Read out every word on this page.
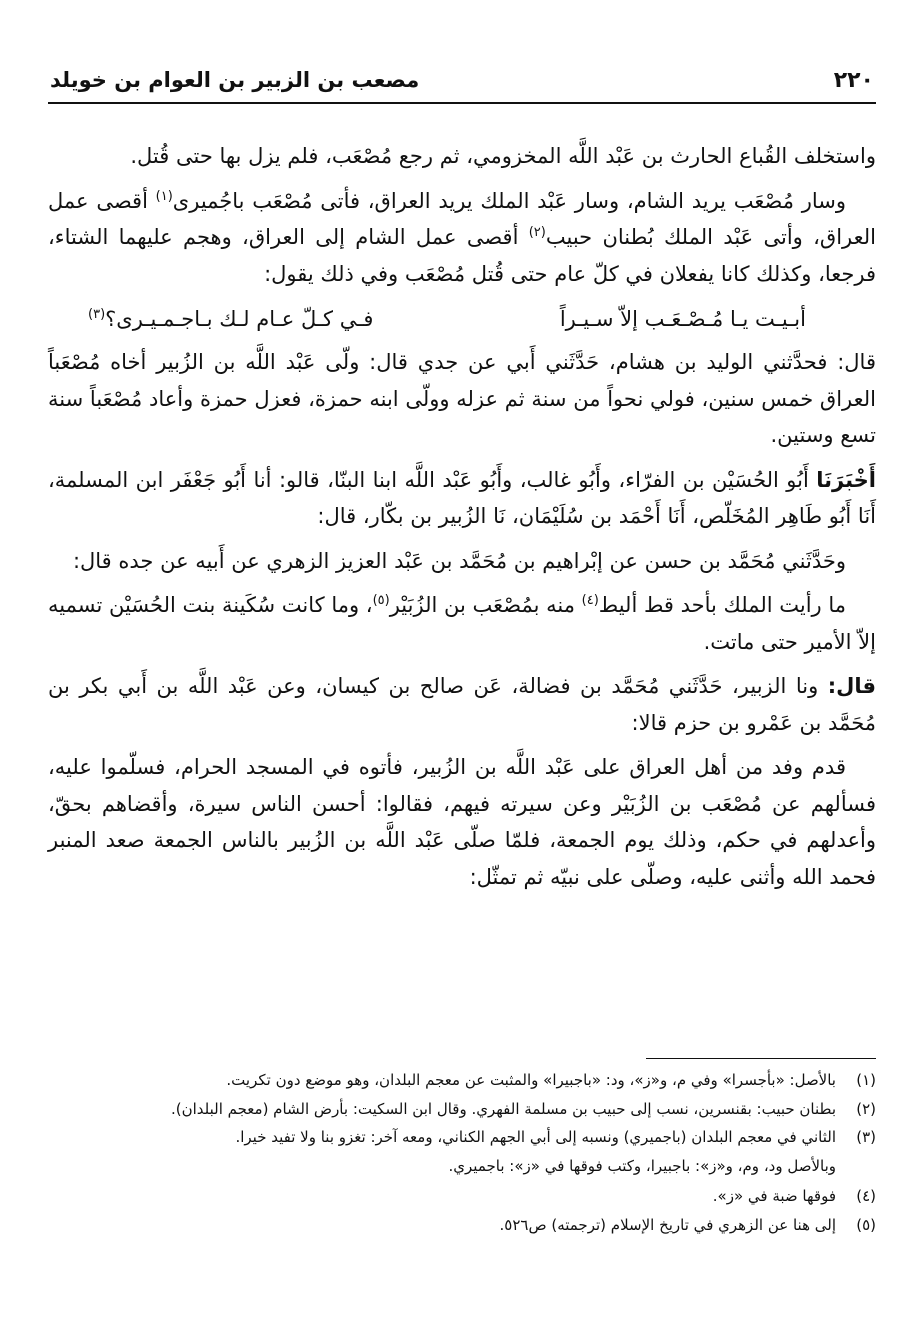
٢٢٠
مصعب بن الزبير بن العوام بن خويلد

واستخلف القُباع الحارث بن عَبْد اللَّه المخزومي، ثم رجع مُصْعَب، فلم يزل بها حتى قُتل.

وسار مُصْعَب يريد الشام، وسار عَبْد الملك يريد العراق، فأتى مُصْعَب باجُميرى$^{(١)}$ أقصى عمل العراق، وأتى عَبْد الملك بُطنان حبيب$^{(٢)}$ أقصى عمل الشام إلى العراق، وهجم عليهما الشتاء، فرجعا، وكذلك كانا يفعلان في كلّ عام حتى قُتل مُصْعَب وفي ذلك يقول:

أبـيـت يـا مُـصْـعَـب إلاّ سـيـراً
فـي كـلّ عـام لـك بـاجـمـيـرى؟$^{(٣)}$

قال: فحدَّثني الوليد بن هشام، حَدَّثَني أَبي عن جدي قال: ولّى عَبْد اللَّه بن الزُبير أخاه مُصْعَباً العراق خمس سنين، فولي نحواً من سنة ثم عزله وولّى ابنه حمزة، فعزل حمزة وأعاد مُصْعَباً سنة تسع وستين.

أَخْبَرَنَا أَبُو الحُسَيْن بن الفرّاء، وأَبُو غالب، وأَبُو عَبْد اللَّه ابنا البنّا، قالو: أنا أَبُو جَعْفَر ابن المسلمة، أَنَا أَبُو طَاهِر المُخَلّص، أَنَا أَحْمَد بن سُلَيْمَان، نَا الزُبير بن بكّار، قال:

وحَدَّثَني مُحَمَّد بن حسن عن إبْراهيم بن مُحَمَّد بن عَبْد العزيز الزهري عن أَبيه عن جده قال:

ما رأيت الملك بأحد قط أليط$^{(٤)}$ منه بمُصْعَب بن الزُبَيْر$^{(٥)}$، وما كانت سُكَينة بنت الحُسَيْن تسميه إلاّ الأمير حتى ماتت.

قال: ونا الزبير، حَدَّثَني مُحَمَّد بن فضالة، عَن صالح بن كيسان، وعن عَبْد اللَّه بن أَبي بكر بن مُحَمَّد بن عَمْرو بن حزم قالا:

قدم وفد من أهل العراق على عَبْد اللَّه بن الزُبير، فأتوه في المسجد الحرام، فسلّموا عليه، فسألهم عن مُصْعَب بن الزُبَيْر وعن سيرته فيهم، فقالوا: أحسن الناس سيرة، وأقضاهم بحقّ، وأعدلهم في حكم، وذلك يوم الجمعة، فلمّا صلّى عَبْد اللَّه بن الزُبير بالناس الجمعة صعد المنبر فحمد الله وأثنى عليه، وصلّى على نبيّه ثم تمثّل:

(١)
بالأصل: «بأجسرا» وفي م، و«ز»، ود: «باجبيرا» والمثبت عن معجم البلدان، وهو موضع دون تكريت.
(٢)
بطنان حبيب: بقنسرين، نسب إلى حبيب بن مسلمة الفهري. وقال ابن السكيت: بأرض الشام (معجم البلدان).
(٣)
الثاني في معجم البلدان (باجميري) ونسبه إلى أبي الجهم الكناني، ومعه آخر: تغزو بنا ولا تفيد خيرا.
وبالأصل ود، وم، و«ز»: باجبيرا، وكتب فوقها في «ز»: باجميري.
(٤)
فوقها ضبة في «ز».
(٥)
إلى هنا عن الزهري في تاريخ الإسلام (ترجمته) ص٥٢٦.
